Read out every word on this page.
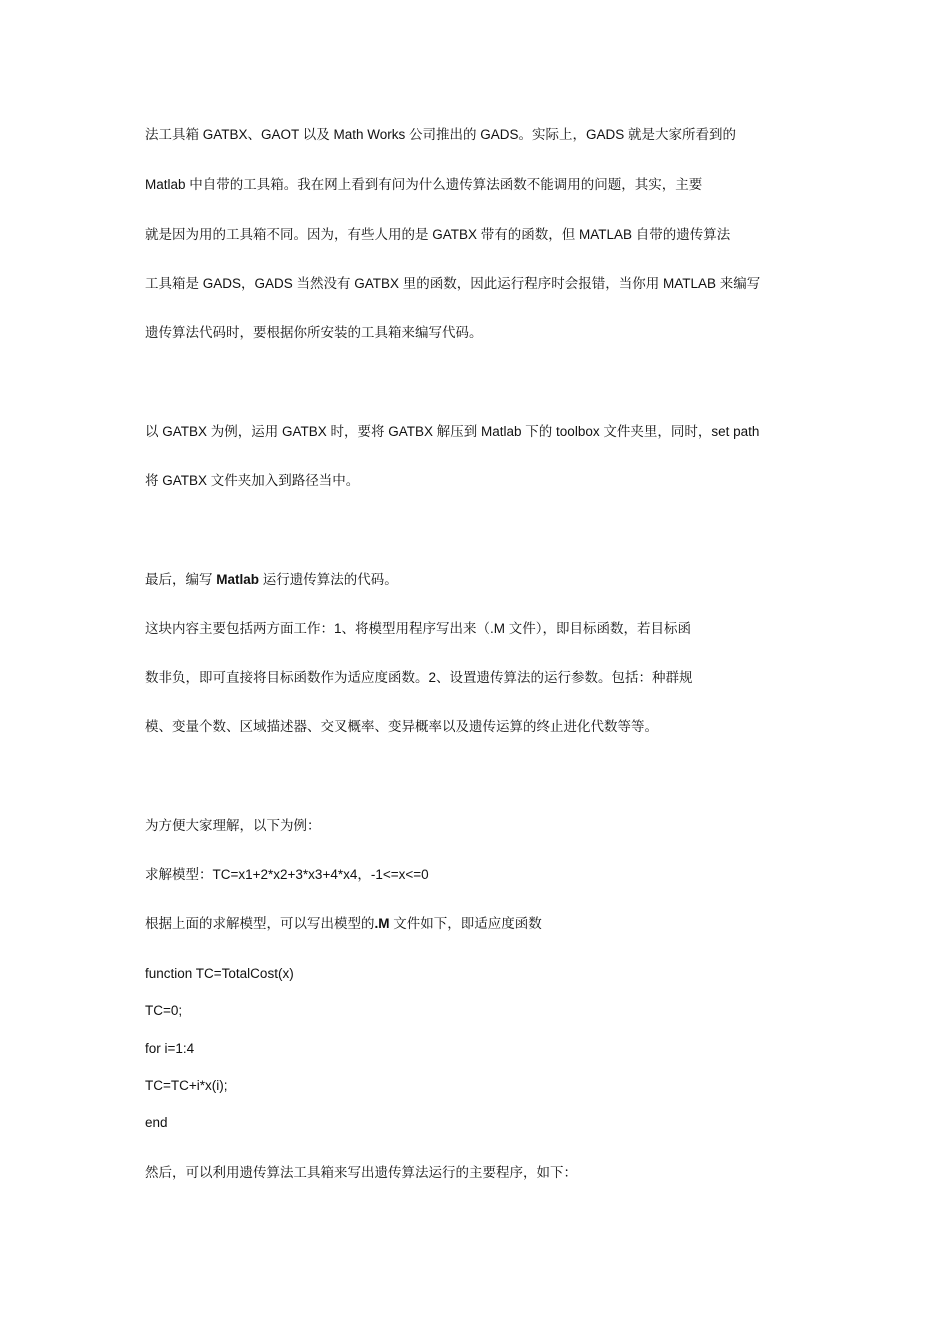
法工具箱 GATBX、GAOT 以及 Math Works 公司推出的 GADS。实际上，GADS 就是大家所看到的

Matlab 中自带的工具箱。我在网上看到有问为什么遗传算法函数不能调用的问题，其实，主要

就是因为用的工具箱不同。因为，有些人用的是 GATBX 带有的函数，但 MATLAB 自带的遗传算法

工具箱是 GADS，GADS 当然没有 GATBX 里的函数，因此运行程序时会报错，当你用 MATLAB 来编写

遗传算法代码时，要根据你所安装的工具箱来编写代码。

以 GATBX 为例，运用 GATBX 时，要将 GATBX 解压到 Matlab 下的 toolbox 文件夹里，同时，set path

将 GATBX 文件夹加入到路径当中。

最后，编写 Matlab 运行遗传算法的代码。

这块内容主要包括两方面工作：1、将模型用程序写出来（.M 文件），即目标函数，若目标函

数非负，即可直接将目标函数作为适应度函数。2、设置遗传算法的运行参数。包括：种群规

模、变量个数、区域描述器、交叉概率、变异概率以及遗传运算的终止进化代数等等。

为方便大家理解，以下为例：

求解模型：TC=x1+2*x2+3*x3+4*x4，-1<=x<=0

根据上面的求解模型，可以写出模型的.M 文件如下，即适应度函数

function TC=TotalCost(x)

TC=0;

for i=1:4

TC=TC+i*x(i);

end

然后，可以利用遗传算法工具箱来写出遗传算法运行的主要程序，如下：
